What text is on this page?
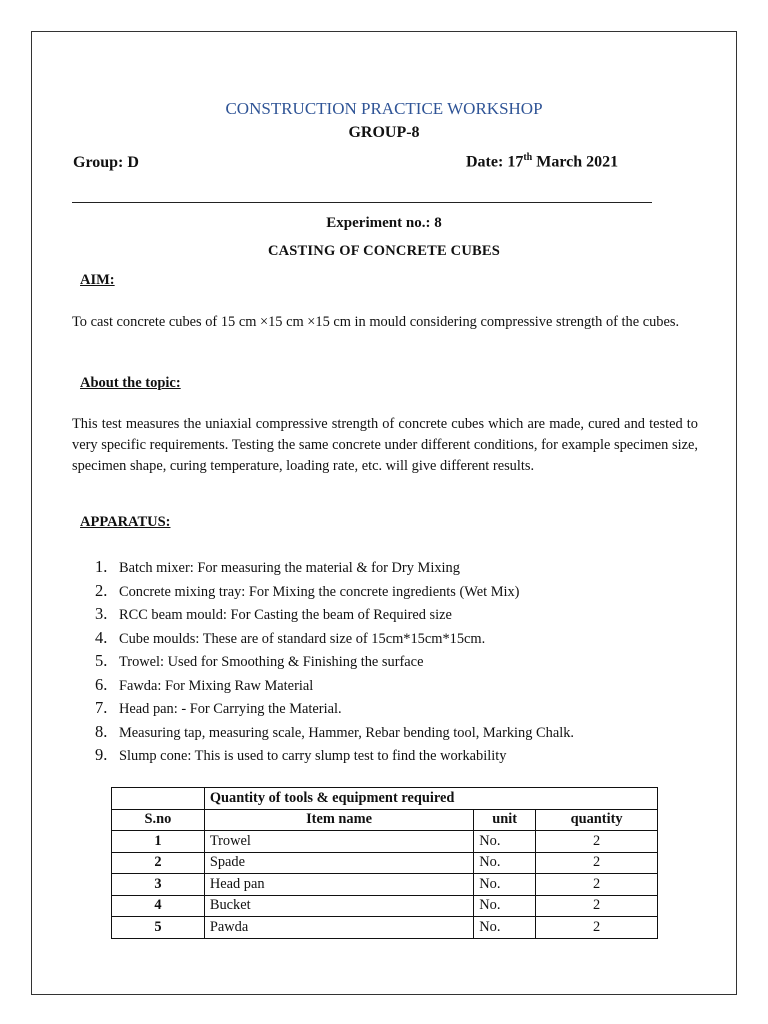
CONSTRUCTION PRACTICE WORKSHOP
GROUP-8
Group: D	Date: 17th March 2021
Experiment no.: 8
CASTING OF CONCRETE CUBES
AIM:
To cast concrete cubes of 15 cm ×15 cm ×15 cm in mould considering compressive strength of the cubes.
About the topic:
This test measures the uniaxial compressive strength of concrete cubes which are made, cured and tested to very specific requirements. Testing the same concrete under different conditions, for example specimen size, specimen shape, curing temperature, loading rate, etc. will give different results.
APPARATUS:
1. Batch mixer: For measuring the material & for Dry Mixing
2. Concrete mixing tray: For Mixing the concrete ingredients (Wet Mix)
3. RCC beam mould: For Casting the beam of Required size
4. Cube moulds: These are of standard size of 15cm*15cm*15cm.
5. Trowel: Used for Smoothing & Finishing the surface
6. Fawda: For Mixing Raw Material
7. Head pan: - For Carrying the Material.
8. Measuring tap, measuring scale, Hammer, Rebar bending tool, Marking Chalk.
9. Slump cone: This is used to carry slump test to find the workability
	Quantity of tools & equipment required		
S.no	Item name	unit	quantity
1	Trowel	No.	2
2	Spade	No.	2
3	Head pan	No.	2
4	Bucket	No.	2
5	Pawda	No.	2
